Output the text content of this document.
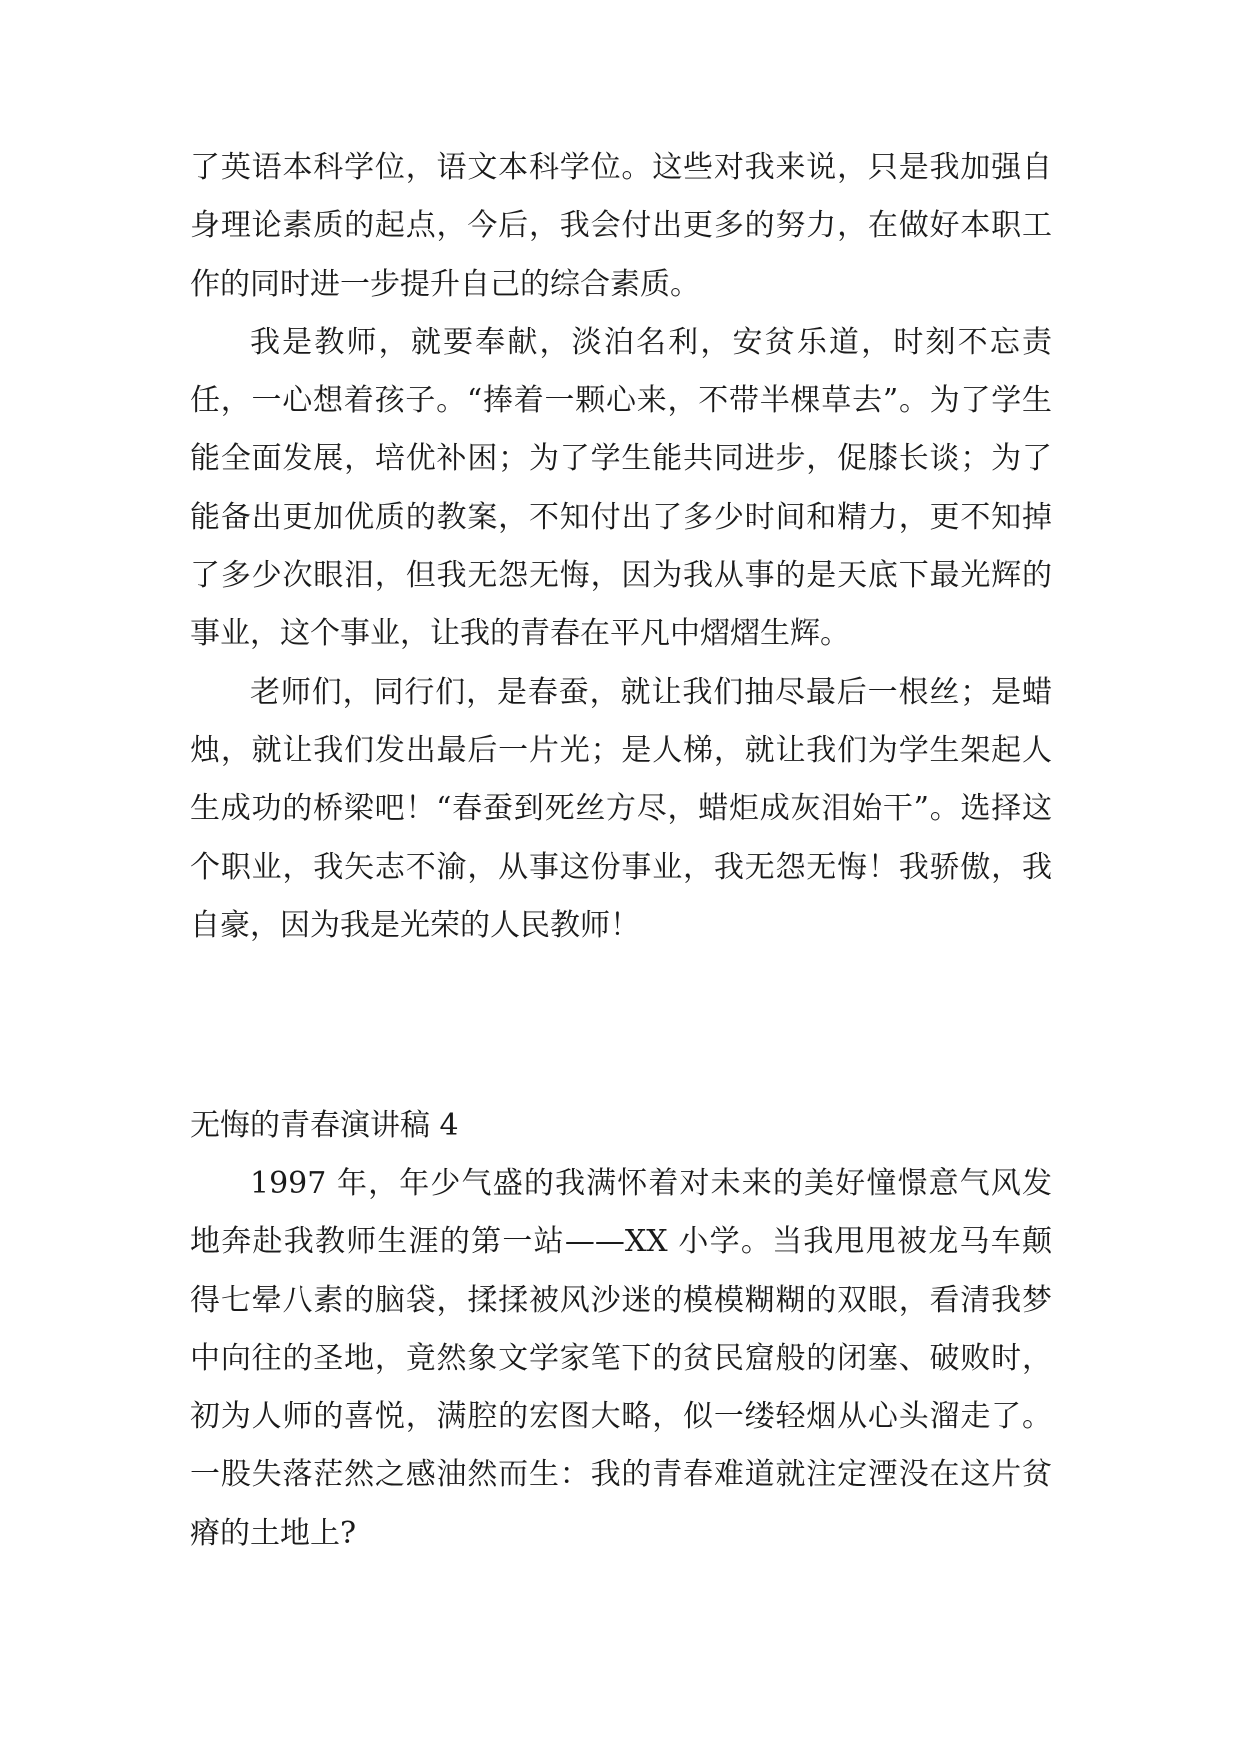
了英语本科学位，语文本科学位。这些对我来说，只是我加强自身理论素质的起点，今后，我会付出更多的努力，在做好本职工作的同时进一步提升自己的综合素质。

我是教师，就要奉献，淡泊名利，安贫乐道，时刻不忘责任，一心想着孩子。“捧着一颗心来，不带半棵草去”。为了学生能全面发展，培优补困；为了学生能共同进步，促膝长谈；为了能备出更加优质的教案，不知付出了多少时间和精力，更不知掉了多少次眼泪，但我无怨无悔，因为我从事的是天底下最光辉的事业，这个事业，让我的青春在平凡中熠熠生辉。

老师们，同行们，是春蚕，就让我们抽尽最后一根丝；是蜡烛，就让我们发出最后一片光；是人梯，就让我们为学生架起人生成功的桥梁吧！“春蚕到死丝方尽，蜡炬成灰泪始干”。选择这个职业，我矢志不渝，从事这份事业，我无怨无悔！我骄傲，我自豪，因为我是光荣的人民教师！

无悔的青春演讲稿 4

1997 年，年少气盛的我满怀着对未来的美好憧憬意气风发地奔赴我教师生涯的第一站——XX 小学。当我甩甩被龙马车颠得七晕八素的脑袋，揉揉被风沙迷的模模糊糊的双眼，看清我梦中向往的圣地，竟然象文学家笔下的贫民窟般的闭塞、破败时，初为人师的喜悦，满腔的宏图大略，似一缕轻烟从心头溜走了。一股失落茫然之感油然而生：我的青春难道就注定湮没在这片贫瘠的土地上?
